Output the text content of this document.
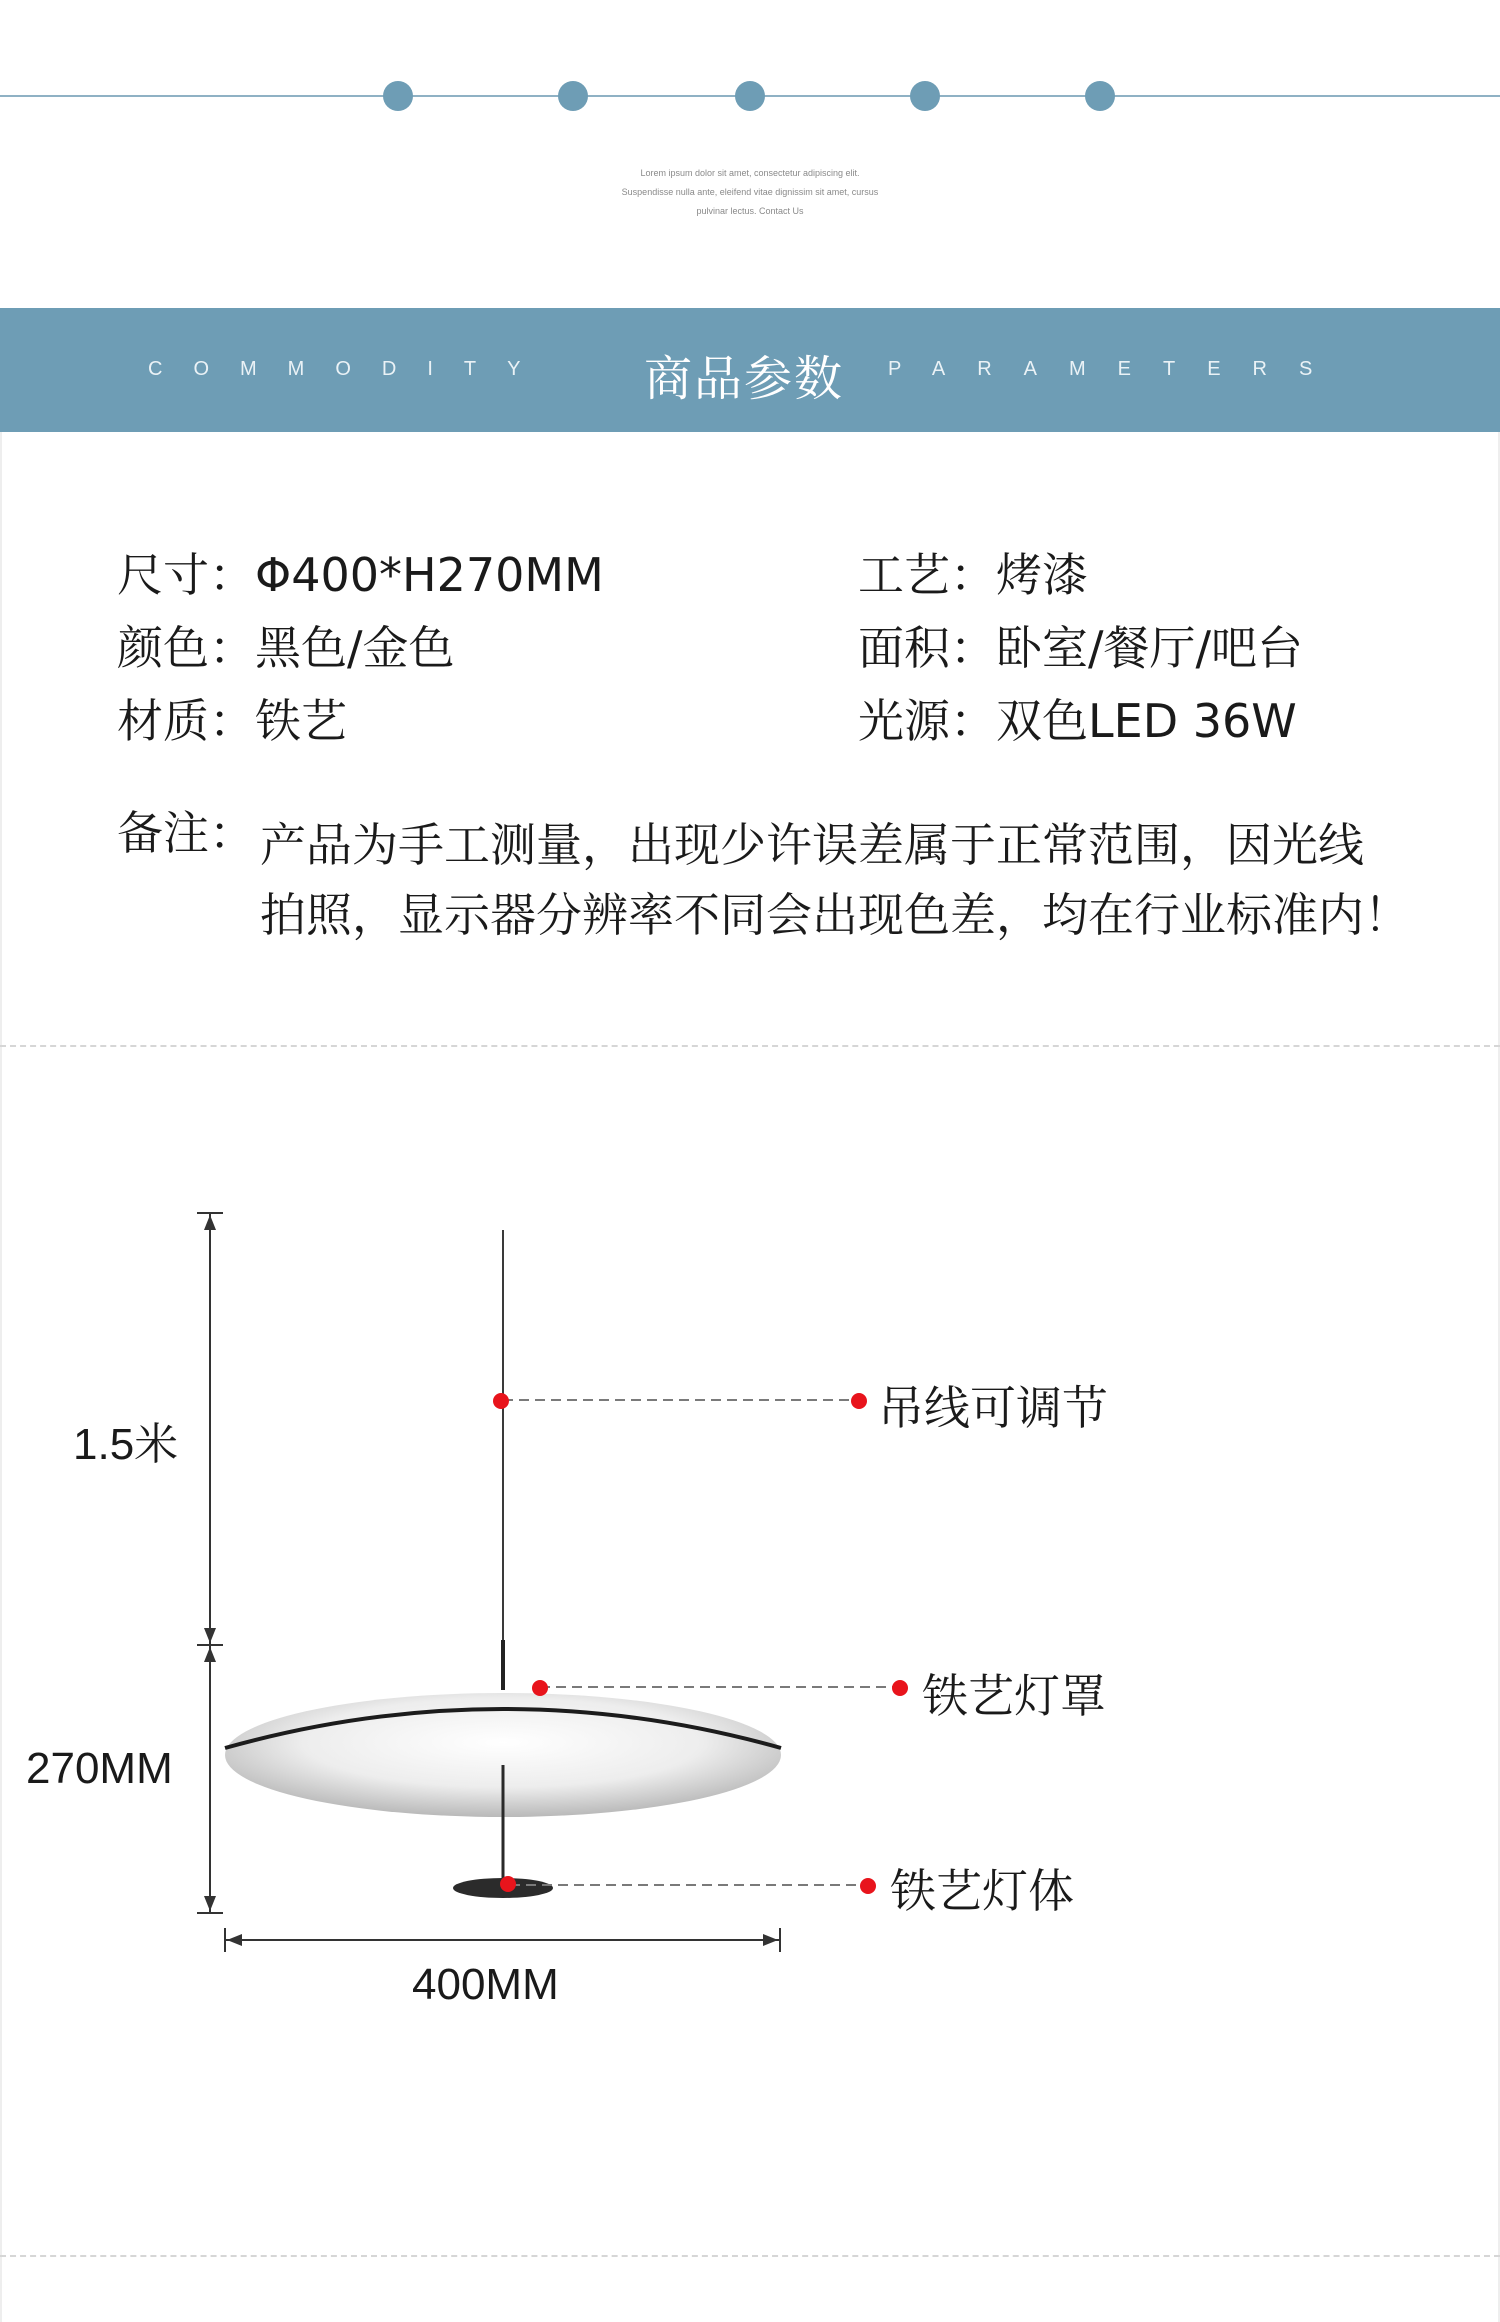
Lorem ipsum dolor sit amet, consectetur adipiscing elit.
Suspendisse nulla ante, eleifend vitae dignissim sit amet, cursus
pulvinar lectus. Contact Us
COMMODITY 商品参数 PARAMETERS
尺寸：Φ400*H270MM
颜色：黑色/金色
材质：铁艺
工艺：烤漆
面积：卧室/餐厅/吧台
光源：双色LED 36W
备注： 产品为手工测量，出现少许误差属于正常范围，因光线
拍照，显示器分辨率不同会出现色差，均在行业标准内！
1.5米
270MM
400MM
吊线可调节
铁艺灯罩
铁艺灯体
